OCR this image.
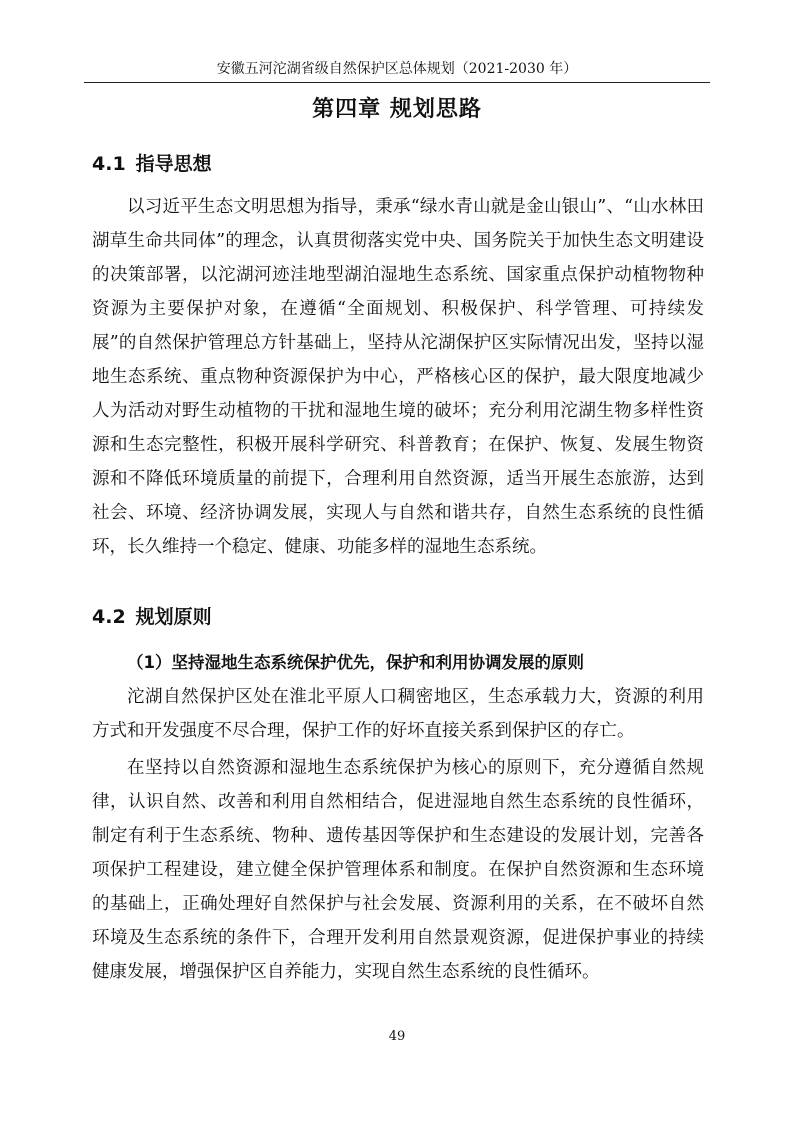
安徽五河沱湖省级自然保护区总体规划（2021-2030 年）
第四章 规划思路
4.1 指导思想

以习近平生态文明思想为指导，秉承“绿水青山就是金山银山”、“山水林田湖草生命共同体”的理念，认真贯彻落实党中央、国务院关于加快生态文明建设的决策部署，以沱湖河迹洼地型湖泊湿地生态系统、国家重点保护动植物物种资源为主要保护对象，在遵循“全面规划、积极保护、科学管理、可持续发展”的自然保护管理总方针基础上，坚持从沱湖保护区实际情况出发，坚持以湿地生态系统、重点物种资源保护为中心，严格核心区的保护，最大限度地减少人为活动对野生动植物的干扰和湿地生境的破坏；充分利用沱湖生物多样性资源和生态完整性，积极开展科学研究、科普教育；在保护、恢复、发展生物资源和不降低环境质量的前提下，合理利用自然资源，适当开展生态旅游，达到社会、环境、经济协调发展，实现人与自然和谐共存，自然生态系统的良性循环，长久维持一个稳定、健康、功能多样的湿地生态系统。

4.2 规划原则
（1）坚持湿地生态系统保护优先，保护和利用协调发展的原则

沱湖自然保护区处在淮北平原人口稠密地区，生态承载力大，资源的利用方式和开发强度不尽合理，保护工作的好坏直接关系到保护区的存亡。

在坚持以自然资源和湿地生态系统保护为核心的原则下，充分遵循自然规律，认识自然、改善和利用自然相结合，促进湿地自然生态系统的良性循环，制定有利于生态系统、物种、遗传基因等保护和生态建设的发展计划，完善各项保护工程建设，建立健全保护管理体系和制度。在保护自然资源和生态环境的基础上，正确处理好自然保护与社会发展、资源利用的关系，在不破坏自然环境及生态系统的条件下，合理开发利用自然景观资源，促进保护事业的持续健康发展，增强保护区自养能力，实现自然生态系统的良性循环。

49
